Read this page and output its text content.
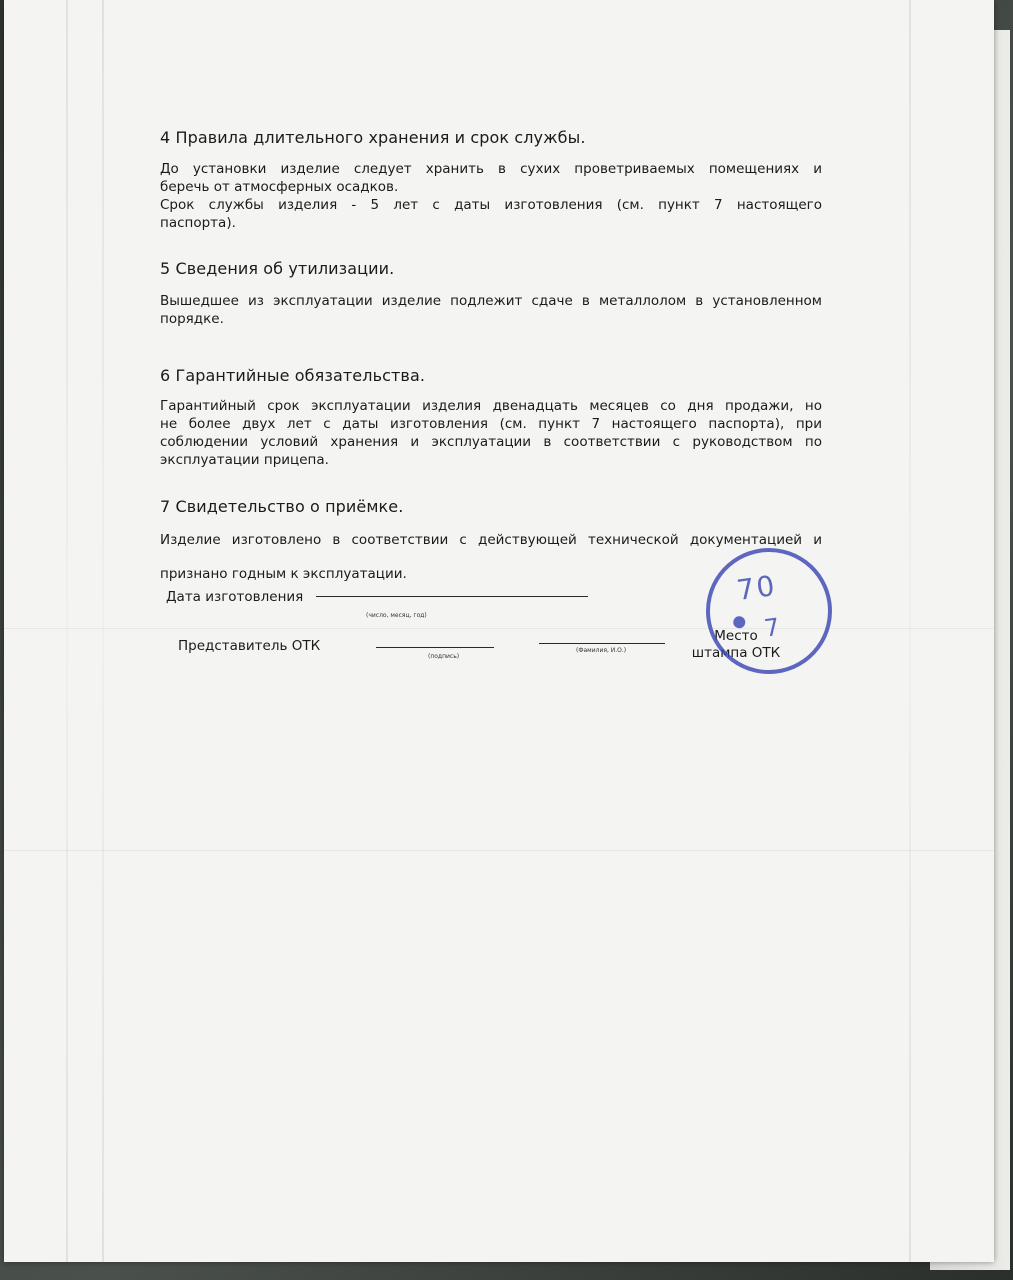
4 Правила длительного хранения и срок службы.
До установки изделие следует хранить в сухих проветриваемых помещениях и
беречь от атмосферных осадков.
Срок службы изделия - 5 лет с даты изготовления (см. пункт 7 настоящего
паспорта).
5 Сведения об утилизации.
Вышедшее из эксплуатации изделие подлежит сдаче в металлолом в установленном
порядке.
6 Гарантийные обязательства.
Гарантийный срок эксплуатации изделия двенадцать месяцев со дня продажи, но
не более двух лет с даты изготовления (см. пункт 7 настоящего паспорта), при
соблюдении условий хранения и эксплуатации в соответствии с руководством по
эксплуатации прицепа.
7 Свидетельство о приёмке.
Изделие изготовлено в соответствии с действующей технической документацией и
признано годным к эксплуатации.
Дата изготовления
(число, месяц, год)
Представитель ОТК
(подпись)
(Фамилия, И.О.)
Место штампа ОТК
70
7
